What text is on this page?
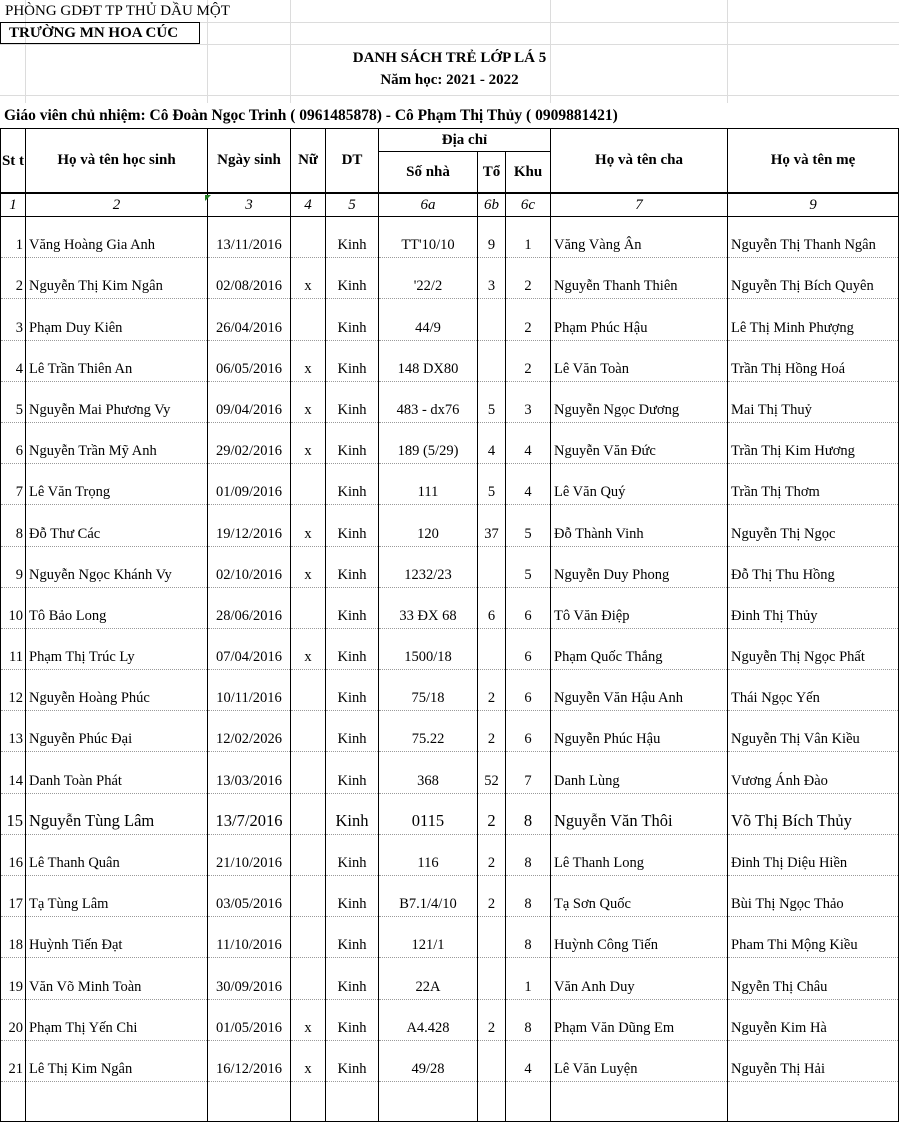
PHÒNG GDĐT TP THỦ DẦU MỘT
TRƯỜNG MN HOA CÚC
DANH SÁCH TRẺ LỚP LÁ 5
Năm học: 2021 - 2022
Giáo viên chủ nhiệm: Cô Đoàn Ngọc Trinh ( 0961485878) - Cô Phạm Thị Thủy ( 0909881421)
St t	Họ và tên học sinh	Ngày sinh	Nữ	DT	Địa chỉ			Họ và tên cha	Họ và tên mẹ
					Số nhà	Tổ	Khu		
1	2	3	4	5	6a	6b	6c	7	9
1	Văng Hoàng Gia Anh	13/11/2016		Kinh	TT'10/10	9	1	Văng Vàng Ân	Nguyễn Thị Thanh Ngân
2	Nguyễn Thị Kim Ngân	02/08/2016	x	Kinh	'22/2	3	2	Nguyễn Thanh Thiên	Nguyễn Thị Bích Quyên
3	Phạm Duy Kiên	26/04/2016		Kinh	44/9		2	Phạm Phúc Hậu	Lê Thị Minh Phượng
4	Lê Trần Thiên An	06/05/2016	x	Kinh	148 DX80		2	Lê Văn Toàn	Trần Thị Hồng Hoá
5	Nguyễn Mai Phương Vy	09/04/2016	x	Kinh	483 - dx76	5	3	Nguyễn Ngọc Dương	Mai Thị Thuỷ
6	Nguyễn Trần Mỹ Anh	29/02/2016	x	Kinh	189 (5/29)	4	4	Nguyễn Văn Đức	Trần Thị Kim Hương
7	Lê Văn Trọng	01/09/2016		Kinh	111	5	4	Lê Văn Quý	Trần Thị Thơm
8	Đỗ Thư Các	19/12/2016	x	Kinh	120	37	5	Đỗ Thành Vinh	Nguyễn Thị Ngọc
9	Nguyễn Ngọc Khánh Vy	02/10/2016	x	Kinh	1232/23		5	Nguyễn Duy Phong	Đỗ Thị Thu Hồng
10	Tô Bảo Long	28/06/2016		Kinh	33 ĐX 68	6	6	Tô Văn Điệp	Đinh Thị Thủy
11	Phạm Thị Trúc Ly	07/04/2016	x	Kinh	1500/18		6	Phạm Quốc Thắng	Nguyễn Thị Ngọc Phất
12	Nguyễn Hoàng Phúc	10/11/2016		Kinh	75/18	2	6	Nguyễn Văn Hậu Anh	Thái Ngọc Yến
13	Nguyễn Phúc Đại	12/02/2026		Kinh	75.22	2	6	Nguyễn Phúc Hậu	Nguyễn Thị Vân Kiều
14	Danh Toàn Phát	13/03/2016		Kinh	368	52	7	Danh Lùng	Vương Ánh Đào
15	Nguyễn Tùng Lâm	13/7/2016		Kinh	0115	2	8	Nguyễn Văn Thôi	Võ Thị Bích Thủy
16	Lê Thanh Quân	21/10/2016		Kinh	116	2	8	Lê Thanh Long	Đinh Thị Diệu Hiền
17	Tạ Tùng Lâm	03/05/2016		Kinh	B7.1/4/10	2	8	Tạ Sơn Quốc	Bùi Thị Ngọc Thảo
18	Huỳnh Tiến Đạt	11/10/2016		Kinh	121/1		8	Huỳnh Công Tiến	Pham Thi Mộng Kiều
19	Văn Võ Minh Toàn	30/09/2016		Kinh	22A		1	Văn Anh Duy	Ngyễn Thị Châu
20	Phạm Thị Yến Chi	01/05/2016	x	Kinh	A4.428	2	8	Phạm Văn Dũng Em	Nguyễn Kim Hà
21	Lê Thị Kim Ngân	16/12/2016	x	Kinh	49/28		4	Lê Văn Luyện	Nguyễn Thị Hải
